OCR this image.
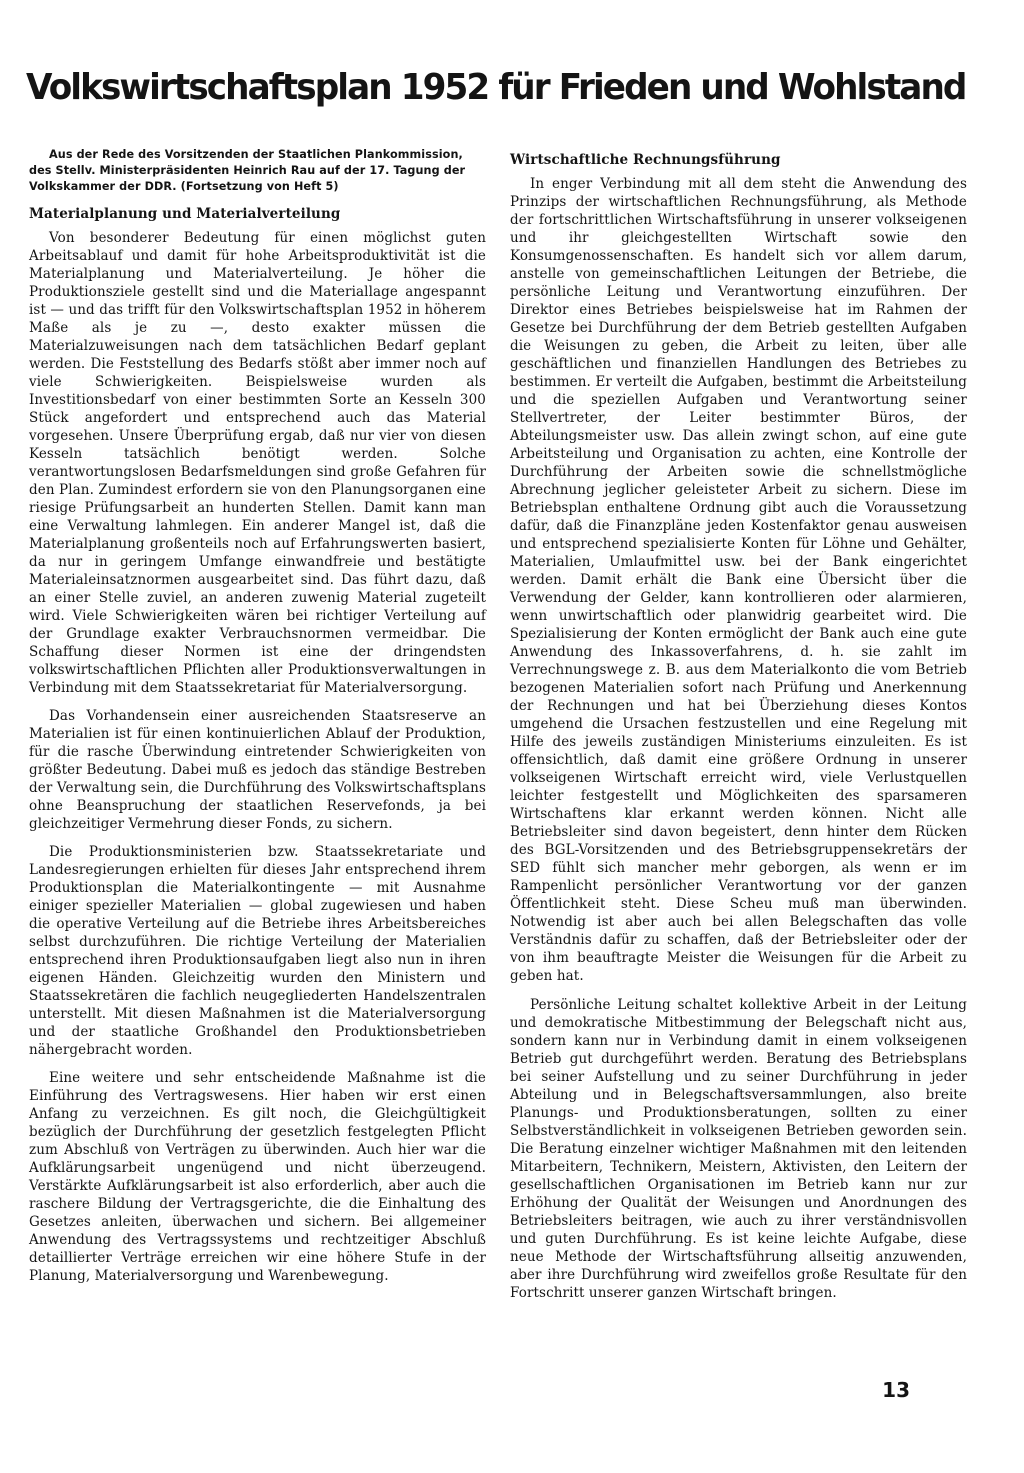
Volkswirtschaftsplan 1952 für Frieden und Wohlstand

Aus der Rede des Vorsitzenden der Staatlichen Plankommission, des Stellv. Ministerpräsidenten Heinrich Rau auf der 17. Tagung der Volkskammer der DDR. (Fortsetzung von Heft 5)

Materialplanung und Materialverteilung

Von besonderer Bedeutung für einen möglichst guten Arbeitsablauf und damit für hohe Arbeitsproduktivität ist die Materialplanung und Materialverteilung. Je höher die Produktionsziele gestellt sind und die Materiallage angespannt ist — und das trifft für den Volkswirtschaftsplan 1952 in höherem Maße als je zu —, desto exakter müssen die Materialzuweisungen nach dem tatsächlichen Bedarf geplant werden. Die Feststellung des Bedarfs stößt aber immer noch auf viele Schwierigkeiten. Beispielsweise wurden als Investitionsbedarf von einer bestimmten Sorte an Kesseln 300 Stück angefordert und entsprechend auch das Material vorgesehen. Unsere Überprüfung ergab, daß nur vier von diesen Kesseln tatsächlich benötigt werden. Solche verantwortungslosen Bedarfsmeldungen sind große Gefahren für den Plan. Zumindest erfordern sie von den Planungsorganen eine riesige Prüfungsarbeit an hunderten Stellen. Damit kann man eine Verwaltung lahmlegen. Ein anderer Mangel ist, daß die Materialplanung großenteils noch auf Erfahrungswerten basiert, da nur in geringem Umfange einwandfreie und bestätigte Materialeinsatznormen ausgearbeitet sind. Das führt dazu, daß an einer Stelle zuviel, an anderen zuwenig Material zugeteilt wird. Viele Schwierigkeiten wären bei richtiger Verteilung auf der Grundlage exakter Verbrauchsnormen vermeidbar. Die Schaffung dieser Normen ist eine der dringendsten volkswirtschaftlichen Pflichten aller Produktionsverwaltungen in Verbindung mit dem Staatssekretariat für Materialversorgung.

Das Vorhandensein einer ausreichenden Staatsreserve an Materialien ist für einen kontinuierlichen Ablauf der Produktion, für die rasche Überwindung eintretender Schwierigkeiten von größter Bedeutung. Dabei muß es jedoch das ständige Bestreben der Verwaltung sein, die Durchführung des Volkswirtschaftsplans ohne Beanspruchung der staatlichen Reservefonds, ja bei gleichzeitiger Vermehrung dieser Fonds, zu sichern.

Die Produktionsministerien bzw. Staatssekretariate und Landesregierungen erhielten für dieses Jahr entsprechend ihrem Produktionsplan die Materialkontingente — mit Ausnahme einiger spezieller Materialien — global zugewiesen und haben die operative Verteilung auf die Betriebe ihres Arbeitsbereiches selbst durchzuführen. Die richtige Verteilung der Materialien entsprechend ihren Produktionsaufgaben liegt also nun in ihren eigenen Händen. Gleichzeitig wurden den Ministern und Staatssekretären die fachlich neugegliederten Handelszentralen unterstellt. Mit diesen Maßnahmen ist die Materialversorgung und der staatliche Großhandel den Produktionsbetrieben nähergebracht worden.

Eine weitere und sehr entscheidende Maßnahme ist die Einführung des Vertragswesens. Hier haben wir erst einen Anfang zu verzeichnen. Es gilt noch, die Gleichgültigkeit bezüglich der Durchführung der gesetzlich festgelegten Pflicht zum Abschluß von Verträgen zu überwinden. Auch hier war die Aufklärungsarbeit ungenügend und nicht überzeugend. Verstärkte Aufklärungsarbeit ist also erforderlich, aber auch die raschere Bildung der Vertragsgerichte, die die Einhaltung des Gesetzes anleiten, überwachen und sichern. Bei allgemeiner Anwendung des Vertragssystems und rechtzeitiger Abschluß detaillierter Verträge erreichen wir eine höhere Stufe in der Planung, Materialversorgung und Warenbewegung.

Wirtschaftliche Rechnungsführung

In enger Verbindung mit all dem steht die Anwendung des Prinzips der wirtschaftlichen Rechnungsführung, als Methode der fortschrittlichen Wirtschaftsführung in unserer volkseigenen und ihr gleichgestellten Wirtschaft sowie den Konsumgenossenschaften. Es handelt sich vor allem darum, anstelle von gemeinschaftlichen Leitungen der Betriebe, die persönliche Leitung und Verantwortung einzuführen. Der Direktor eines Betriebes beispielsweise hat im Rahmen der Gesetze bei Durchführung der dem Betrieb gestellten Aufgaben die Weisungen zu geben, die Arbeit zu leiten, über alle geschäftlichen und finanziellen Handlungen des Betriebes zu bestimmen. Er verteilt die Aufgaben, bestimmt die Arbeitsteilung und die speziellen Aufgaben und Verantwortung seiner Stellvertreter, der Leiter bestimmter Büros, der Abteilungsmeister usw. Das allein zwingt schon, auf eine gute Arbeitsteilung und Organisation zu achten, eine Kontrolle der Durchführung der Arbeiten sowie die schnellstmögliche Abrechnung jeglicher geleisteter Arbeit zu sichern. Diese im Betriebsplan enthaltene Ordnung gibt auch die Voraussetzung dafür, daß die Finanzpläne jeden Kostenfaktor genau ausweisen und entsprechend spezialisierte Konten für Löhne und Gehälter, Materialien, Umlaufmittel usw. bei der Bank eingerichtet werden. Damit erhält die Bank eine Übersicht über die Verwendung der Gelder, kann kontrollieren oder alarmieren, wenn unwirtschaftlich oder planwidrig gearbeitet wird. Die Spezialisierung der Konten ermöglicht der Bank auch eine gute Anwendung des Inkassoverfahrens, d. h. sie zahlt im Verrechnungswege z. B. aus dem Materialkonto die vom Betrieb bezogenen Materialien sofort nach Prüfung und Anerkennung der Rechnungen und hat bei Überziehung dieses Kontos umgehend die Ursachen festzustellen und eine Regelung mit Hilfe des jeweils zuständigen Ministeriums einzuleiten. Es ist offensichtlich, daß damit eine größere Ordnung in unserer volkseigenen Wirtschaft erreicht wird, viele Verlustquellen leichter festgestellt und Möglichkeiten des sparsameren Wirtschaftens klar erkannt werden können. Nicht alle Betriebsleiter sind davon begeistert, denn hinter dem Rücken des BGL-Vorsitzenden und des Betriebsgruppensekretärs der SED fühlt sich mancher mehr geborgen, als wenn er im Rampenlicht persönlicher Verantwortung vor der ganzen Öffentlichkeit steht. Diese Scheu muß man überwinden. Notwendig ist aber auch bei allen Belegschaften das volle Verständnis dafür zu schaffen, daß der Betriebsleiter oder der von ihm beauftragte Meister die Weisungen für die Arbeit zu geben hat.

Persönliche Leitung schaltet kollektive Arbeit in der Leitung und demokratische Mitbestimmung der Belegschaft nicht aus, sondern kann nur in Verbindung damit in einem volkseigenen Betrieb gut durchgeführt werden. Beratung des Betriebsplans bei seiner Aufstellung und zu seiner Durchführung in jeder Abteilung und in Belegschaftsversammlungen, also breite Planungs- und Produktionsberatungen, sollten zu einer Selbstverständlichkeit in volkseigenen Betrieben geworden sein. Die Beratung einzelner wichtiger Maßnahmen mit den leitenden Mitarbeitern, Technikern, Meistern, Aktivisten, den Leitern der gesellschaftlichen Organisationen im Betrieb kann nur zur Erhöhung der Qualität der Weisungen und Anordnungen des Betriebsleiters beitragen, wie auch zu ihrer verständnisvollen und guten Durchführung. Es ist keine leichte Aufgabe, diese neue Methode der Wirtschaftsführung allseitig anzuwenden, aber ihre Durchführung wird zweifellos große Resultate für den Fortschritt unserer ganzen Wirtschaft bringen.

13
